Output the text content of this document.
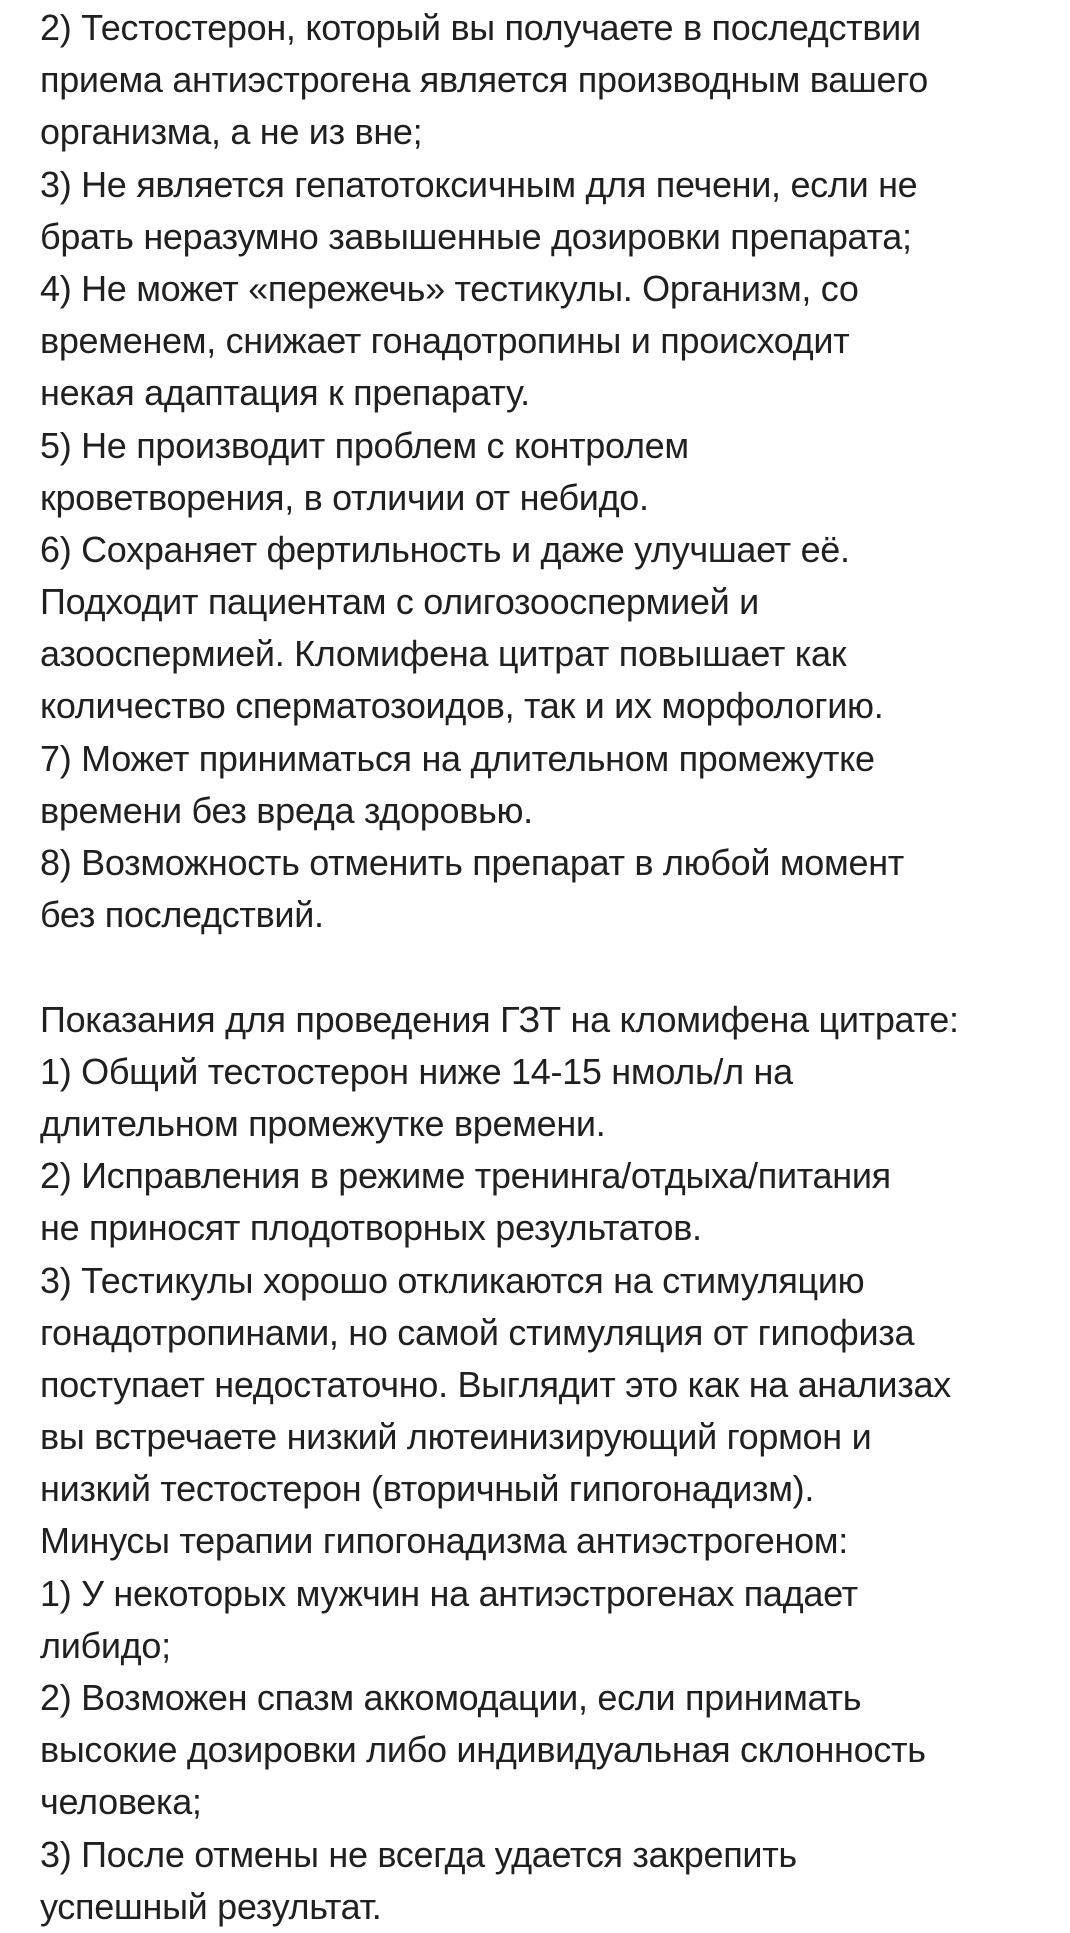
2) Тестостерон, который вы получаете в последствии
приема антиэстрогена является производным вашего
организма, а не из вне;
3) Не является гепатотоксичным для печени, если не
брать неразумно завышенные дозировки препарата;
4) Не может «пережечь» тестикулы. Организм, со
временем, снижает гонадотропины и происходит
некая адаптация к препарату.
5) Не производит проблем с контролем
кроветворения, в отличии от небидо.
6) Сохраняет фертильность и даже улучшает её.
Подходит пациентам с олигозооспермией и
азооспермией. Кломифена цитрат повышает как
количество сперматозоидов, так и их морфологию.
7) Может приниматься на длительном промежутке
времени без вреда здоровью.
8) Возможность отменить препарат в любой момент
без последствий.
Показания для проведения ГЗТ на кломифена цитрате:
1) Общий тестостерон ниже 14-15 нмоль/л на
длительном промежутке времени.
2) Исправления в режиме тренинга/отдыха/питания
не приносят плодотворных результатов.
3) Тестикулы хорошо откликаются на стимуляцию
гонадотропинами, но самой стимуляция от гипофиза
поступает недостаточно. Выглядит это как на анализах
вы встречаете низкий лютеинизирующий гормон и
низкий тестостерон (вторичный гипогонадизм).
Минусы терапии гипогонадизма антиэстрогеном:
1) У некоторых мужчин на антиэстрогенах падает
либидо;
2) Возможен спазм аккомодации, если принимать
высокие дозировки либо индивидуальная склонность
человека;
3) После отмены не всегда удается закрепить
успешный результат.
